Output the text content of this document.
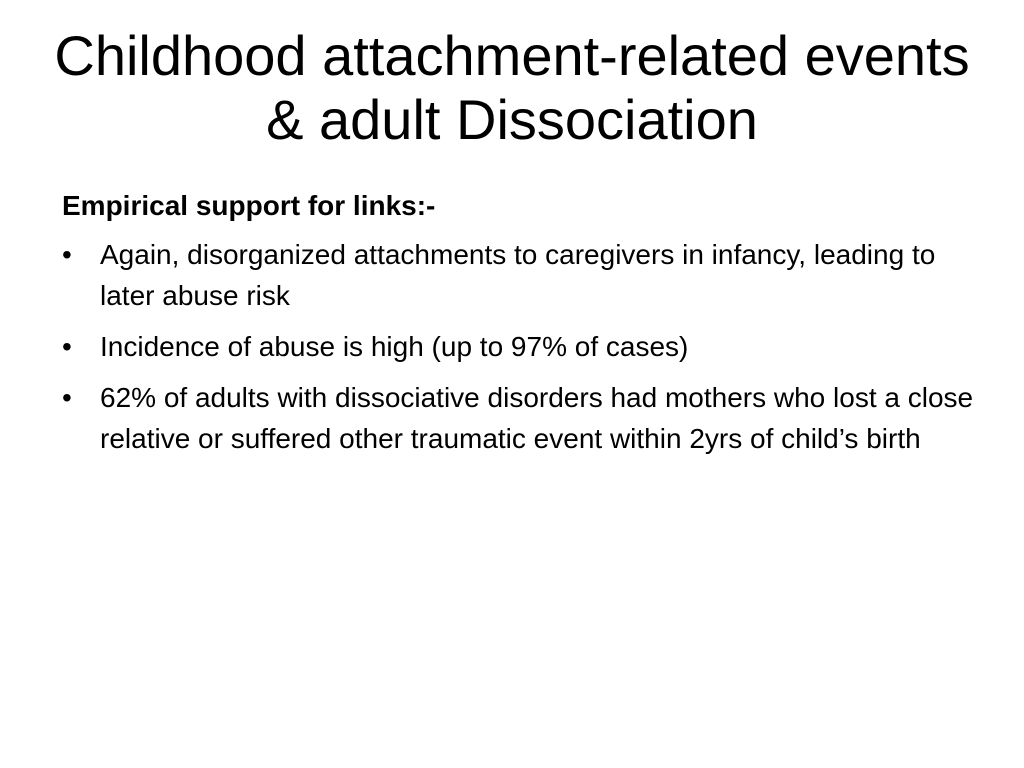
Childhood attachment-related events & adult Dissociation

Empirical support for links:-

• Again, disorganized attachments to caregivers in infancy, leading to later abuse risk
• Incidence of abuse is high (up to 97% of cases)
• 62% of adults with dissociative disorders had mothers who lost a close relative or suffered other traumatic event within 2yrs of child’s birth
